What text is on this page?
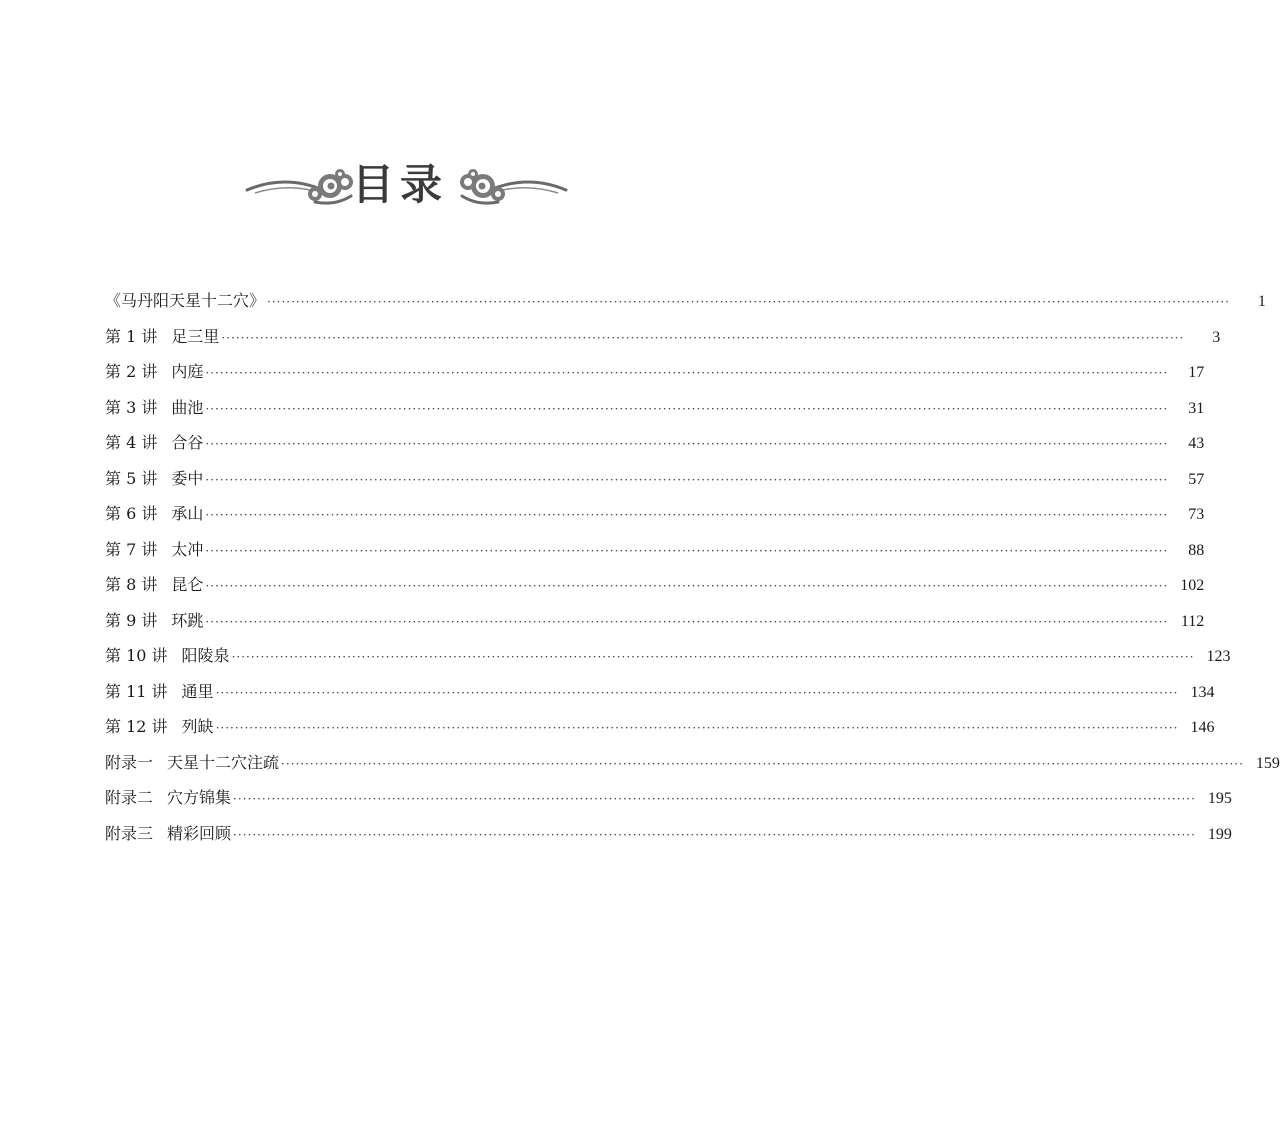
目录
《马丹阳天星十二穴》 ········································································································································································································	1
第 1 讲 足三里 ········································································································································································································	3
第 2 讲 内庭 ········································································································································································································	17
第 3 讲 曲池 ········································································································································································································	31
第 4 讲 合谷 ········································································································································································································	43
第 5 讲 委中 ········································································································································································································	57
第 6 讲 承山 ········································································································································································································	73
第 7 讲 太冲 ········································································································································································································	88
第 8 讲 昆仑 ········································································································································································································ 102
第 9 讲 环跳 ········································································································································································································ 112
第 10 讲 阳陵泉 ········································································································································································································ 123
第 11 讲 通里 ········································································································································································································ 134
第 12 讲 列缺 ········································································································································································································ 146
附录一 天星十二穴注疏 ········································································································································································································ 159
附录二 穴方锦集 ········································································································································································································ 195
附录三 精彩回顾 ········································································································································································································ 199
